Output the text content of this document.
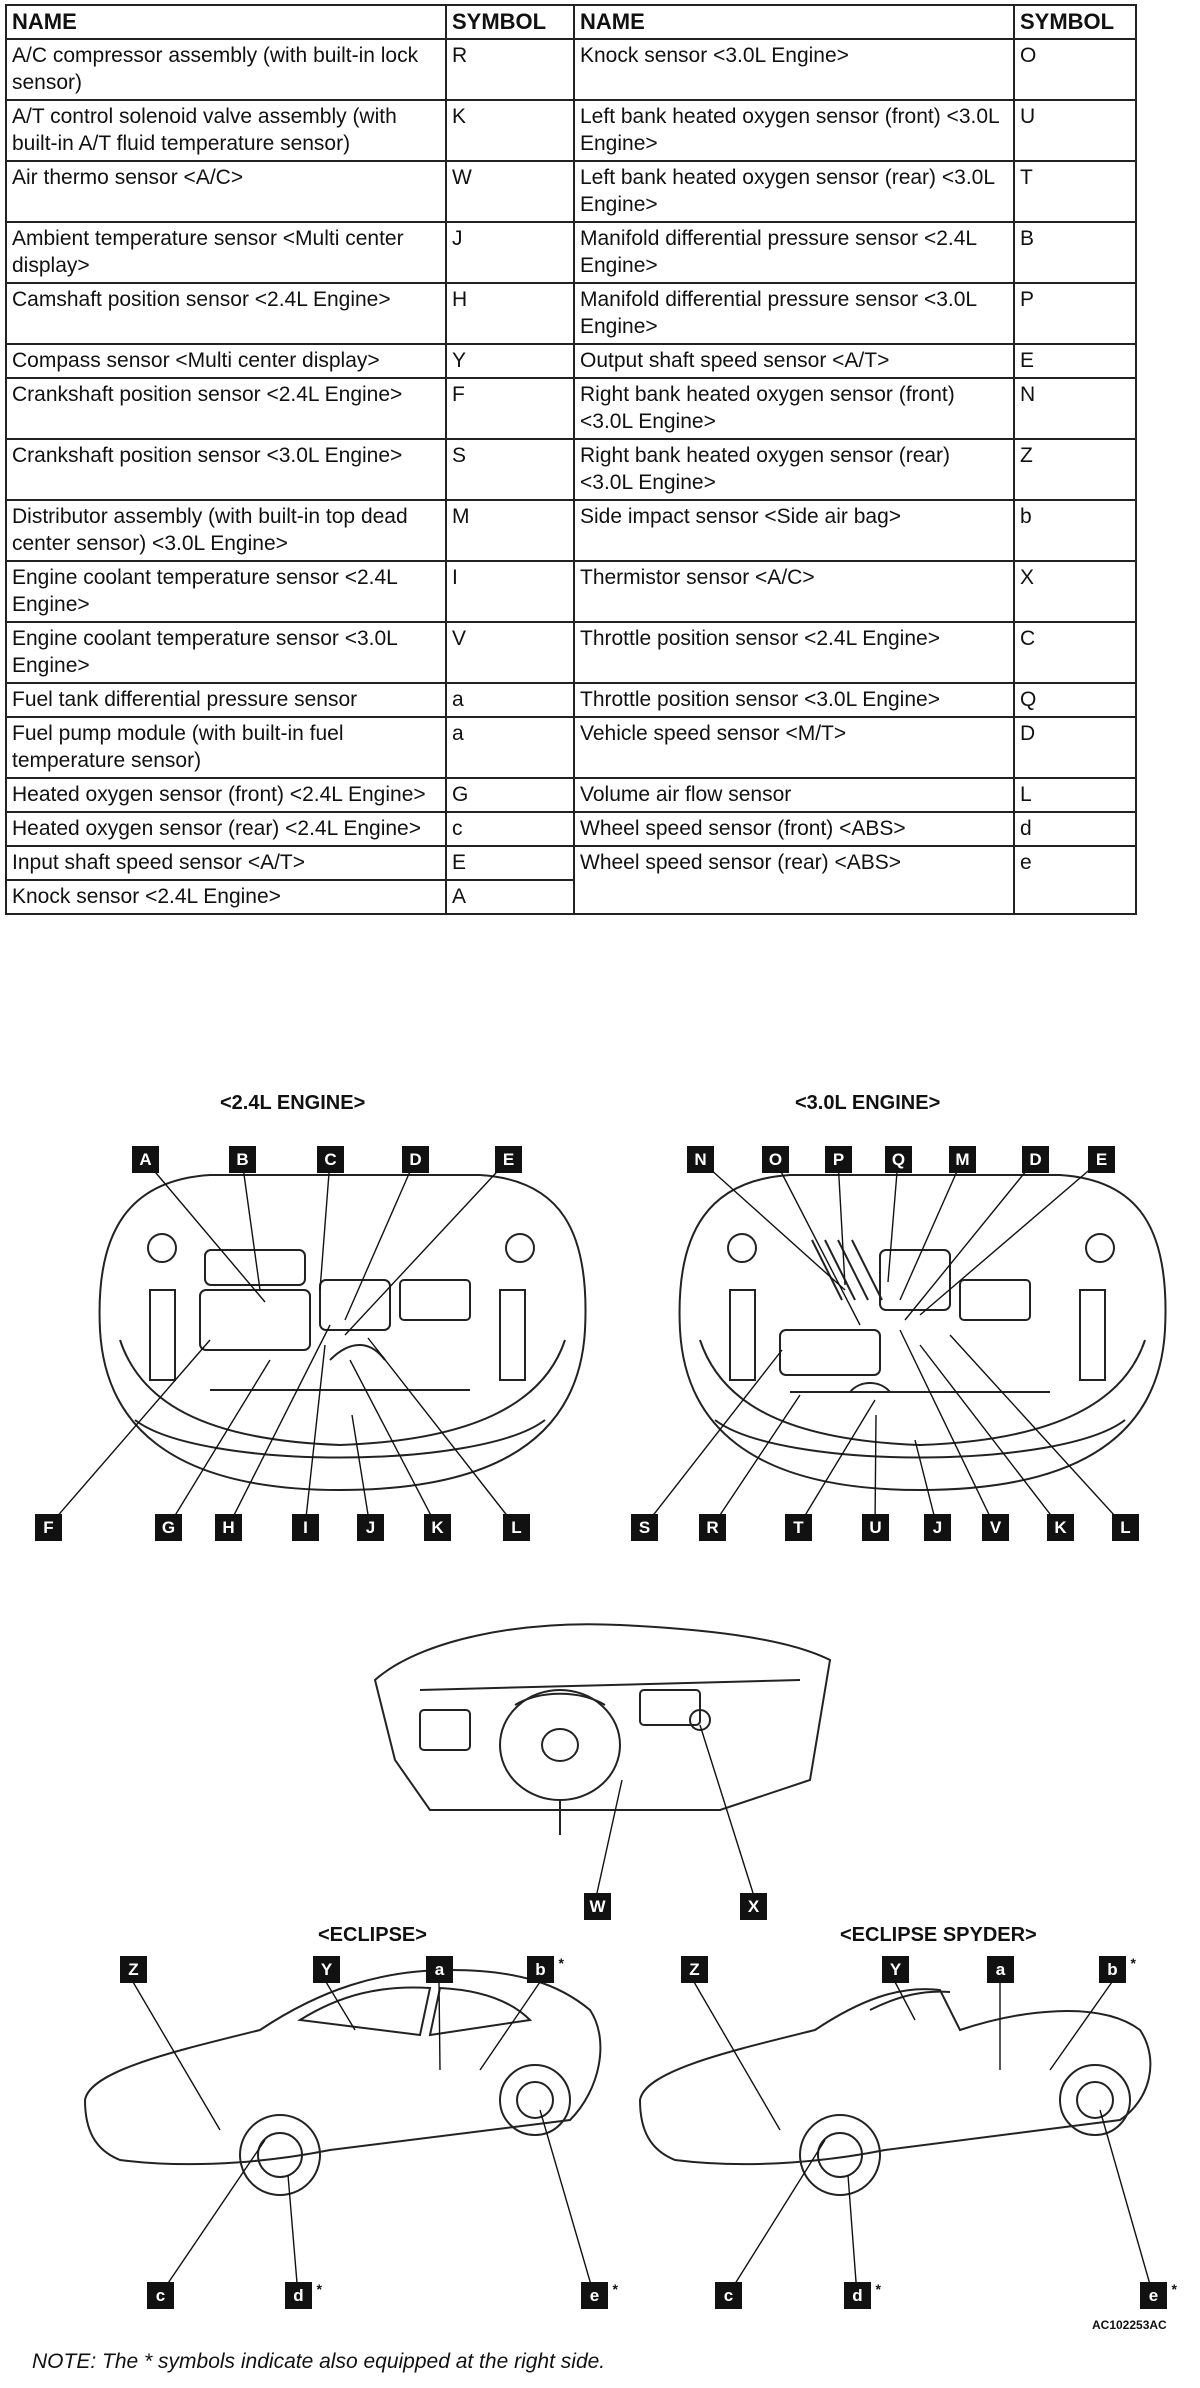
NAME	SYMBOL	NAME	SYMBOL
A/C compressor assembly (with built-in lock sensor)	R	Knock sensor <3.0L Engine>	O
A/T control solenoid valve assembly (with built-in A/T fluid temperature sensor)	K	Left bank heated oxygen sensor (front) <3.0L Engine>	U
Air thermo sensor <A/C>	W	Left bank heated oxygen sensor (rear) <3.0L Engine>	T
Ambient temperature sensor <Multi center display>	J	Manifold differential pressure sensor <2.4L Engine>	B
Camshaft position sensor <2.4L Engine>	H	Manifold differential pressure sensor <3.0L Engine>	P
Compass sensor <Multi center display>	Y	Output shaft speed sensor <A/T>	E
Crankshaft position sensor <2.4L Engine>	F	Right bank heated oxygen sensor (front) <3.0L Engine>	N
Crankshaft position sensor <3.0L Engine>	S	Right bank heated oxygen sensor (rear) <3.0L Engine>	Z
Distributor assembly (with built-in top dead center sensor) <3.0L Engine>	M	Side impact sensor <Side air bag>	b
Engine coolant temperature sensor <2.4L Engine>	I	Thermistor sensor <A/C>	X
Engine coolant temperature sensor <3.0L Engine>	V	Throttle position sensor <2.4L Engine>	C
Fuel tank differential pressure sensor	a	Throttle position sensor <3.0L Engine>	Q
Fuel pump module (with built-in fuel temperature sensor)	a	Vehicle speed sensor <M/T>	D
Heated oxygen sensor (front) <2.4L Engine>	G	Volume air flow sensor	L
Heated oxygen sensor (rear) <2.4L Engine>	c	Wheel speed sensor (front) <ABS>	d
Input shaft speed sensor <A/T>	E	Wheel speed sensor (rear) <ABS>	e
Knock sensor <2.4L Engine>	A		
<2.4L ENGINE>	<3.0L ENGINE>
<ECLIPSE>	<ECLIPSE SPYDER>
A	B	C	D	E
F	G	H	I	J	K	L
N	O	P	Q	M	D	E
S	R	T	U	J	V	K	L
W	X
Z	Y	a	b *
c	d *	e *
Z	Y	a	b *
c	d *	e *
AC102253AC
NOTE: The * symbols indicate also equipped at the right side.
